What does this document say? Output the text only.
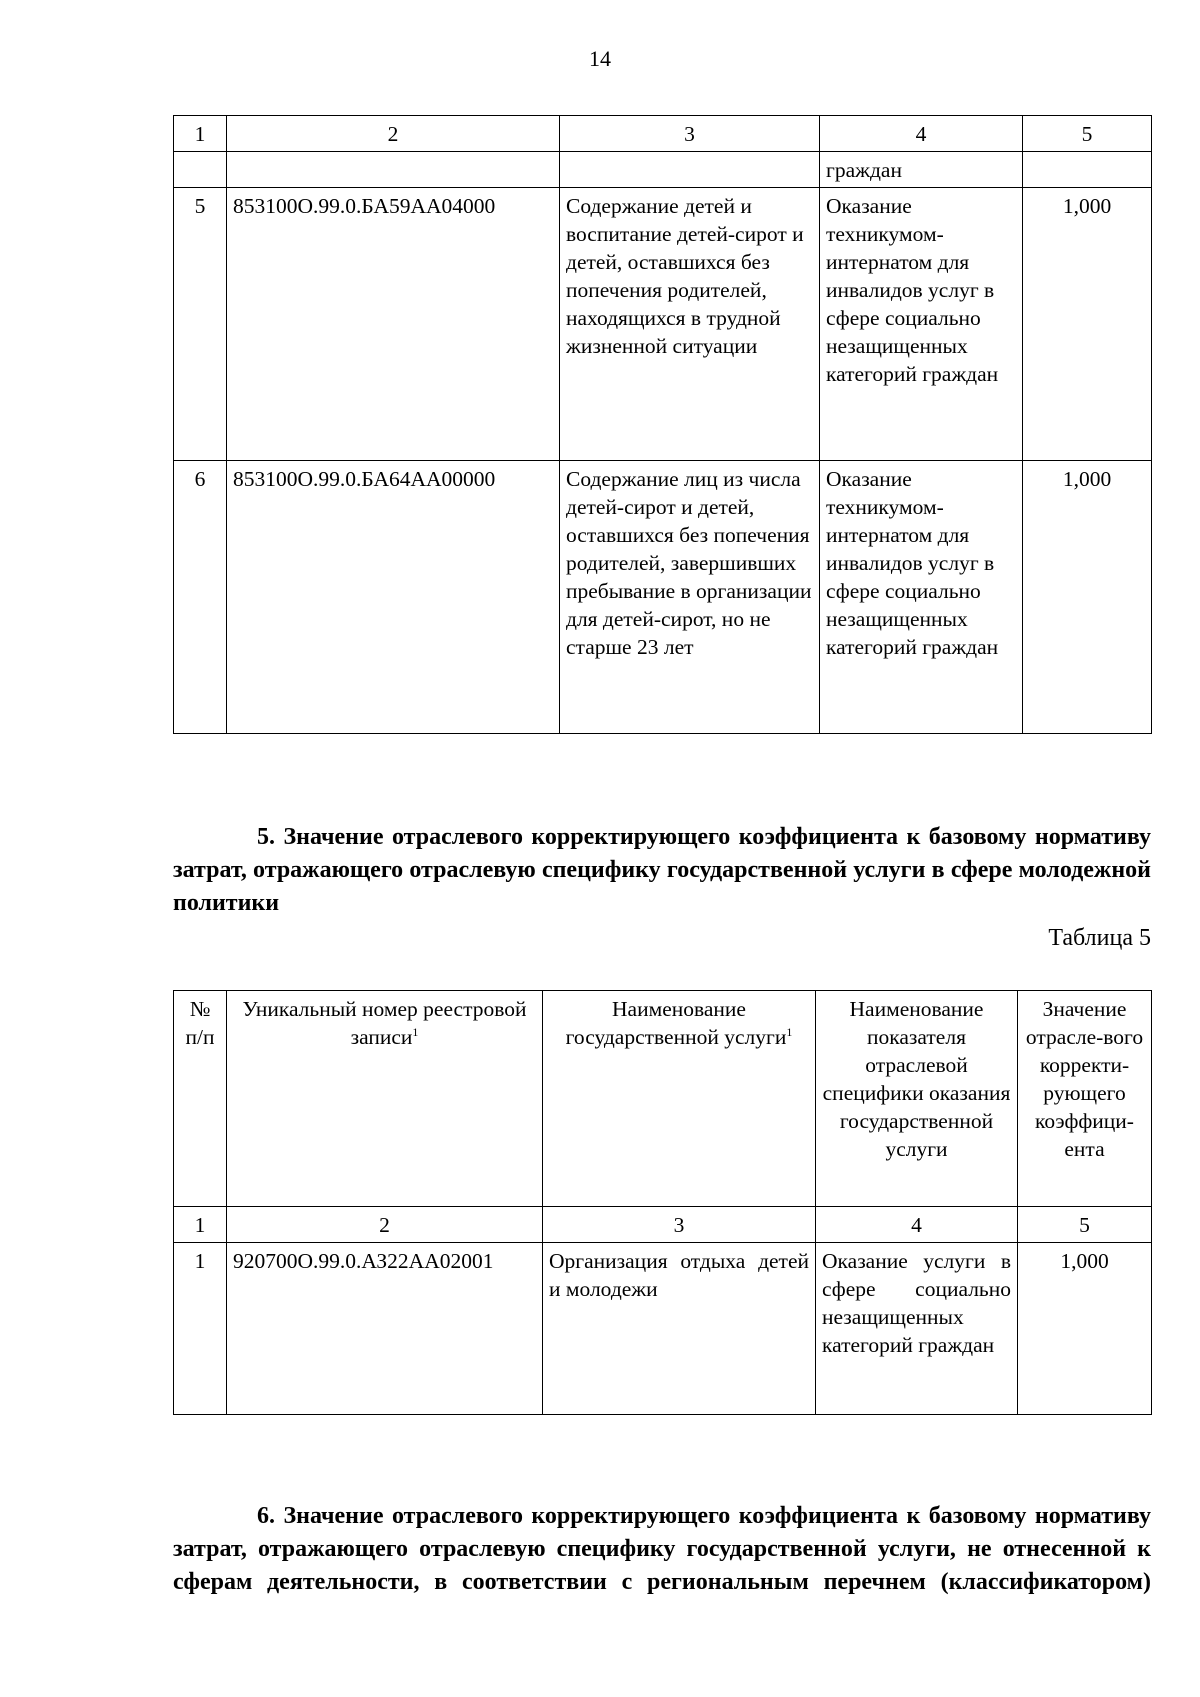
14
1	2	3	4	5
			граждан	
5	853100О.99.0.БА59АА04000	Содержание детей и воспитание детей-сирот и детей, оставшихся без попечения родителей, находящихся в трудной жизненной ситуации	Оказание техникумом-интернатом для инвалидов услуг в сфере социально незащищенных категорий граждан	1,000
6	853100О.99.0.БА64АА00000	Содержание лиц из числа детей-сирот и детей, оставшихся без попечения родителей, завершивших пребывание в организации для детей-сирот, но не старше 23 лет	Оказание техникумом-интернатом для инвалидов услуг в сфере социально незащищенных категорий граждан	1,000

5. Значение отраслевого корректирующего коэффициента к базовому нормативу затрат, отражающего отраслевую специфику государственной услуги в сфере молодежной политики

Таблица 5
№ п/п	Уникальный номер реестровой записи$^1$	Наименование государственной услуги$^1$	Наименование показателя отраслевой специфики оказания государственной услуги	Значение отрасле-вого корректи-рующего коэффици-ента
1	2	3	4	5
1	920700О.99.0.АЗ22АА02001	Организация отдыха детей и молодежи	Оказание услуги в сфере социально незащищенных категорий граждан	1,000

6. Значение отраслевого корректирующего коэффициента к базовому нормативу затрат, отражающего отраслевую специфику государственной услуги, не отнесенной к сферам деятельности, в соответствии с региональным перечнем (классификатором)
